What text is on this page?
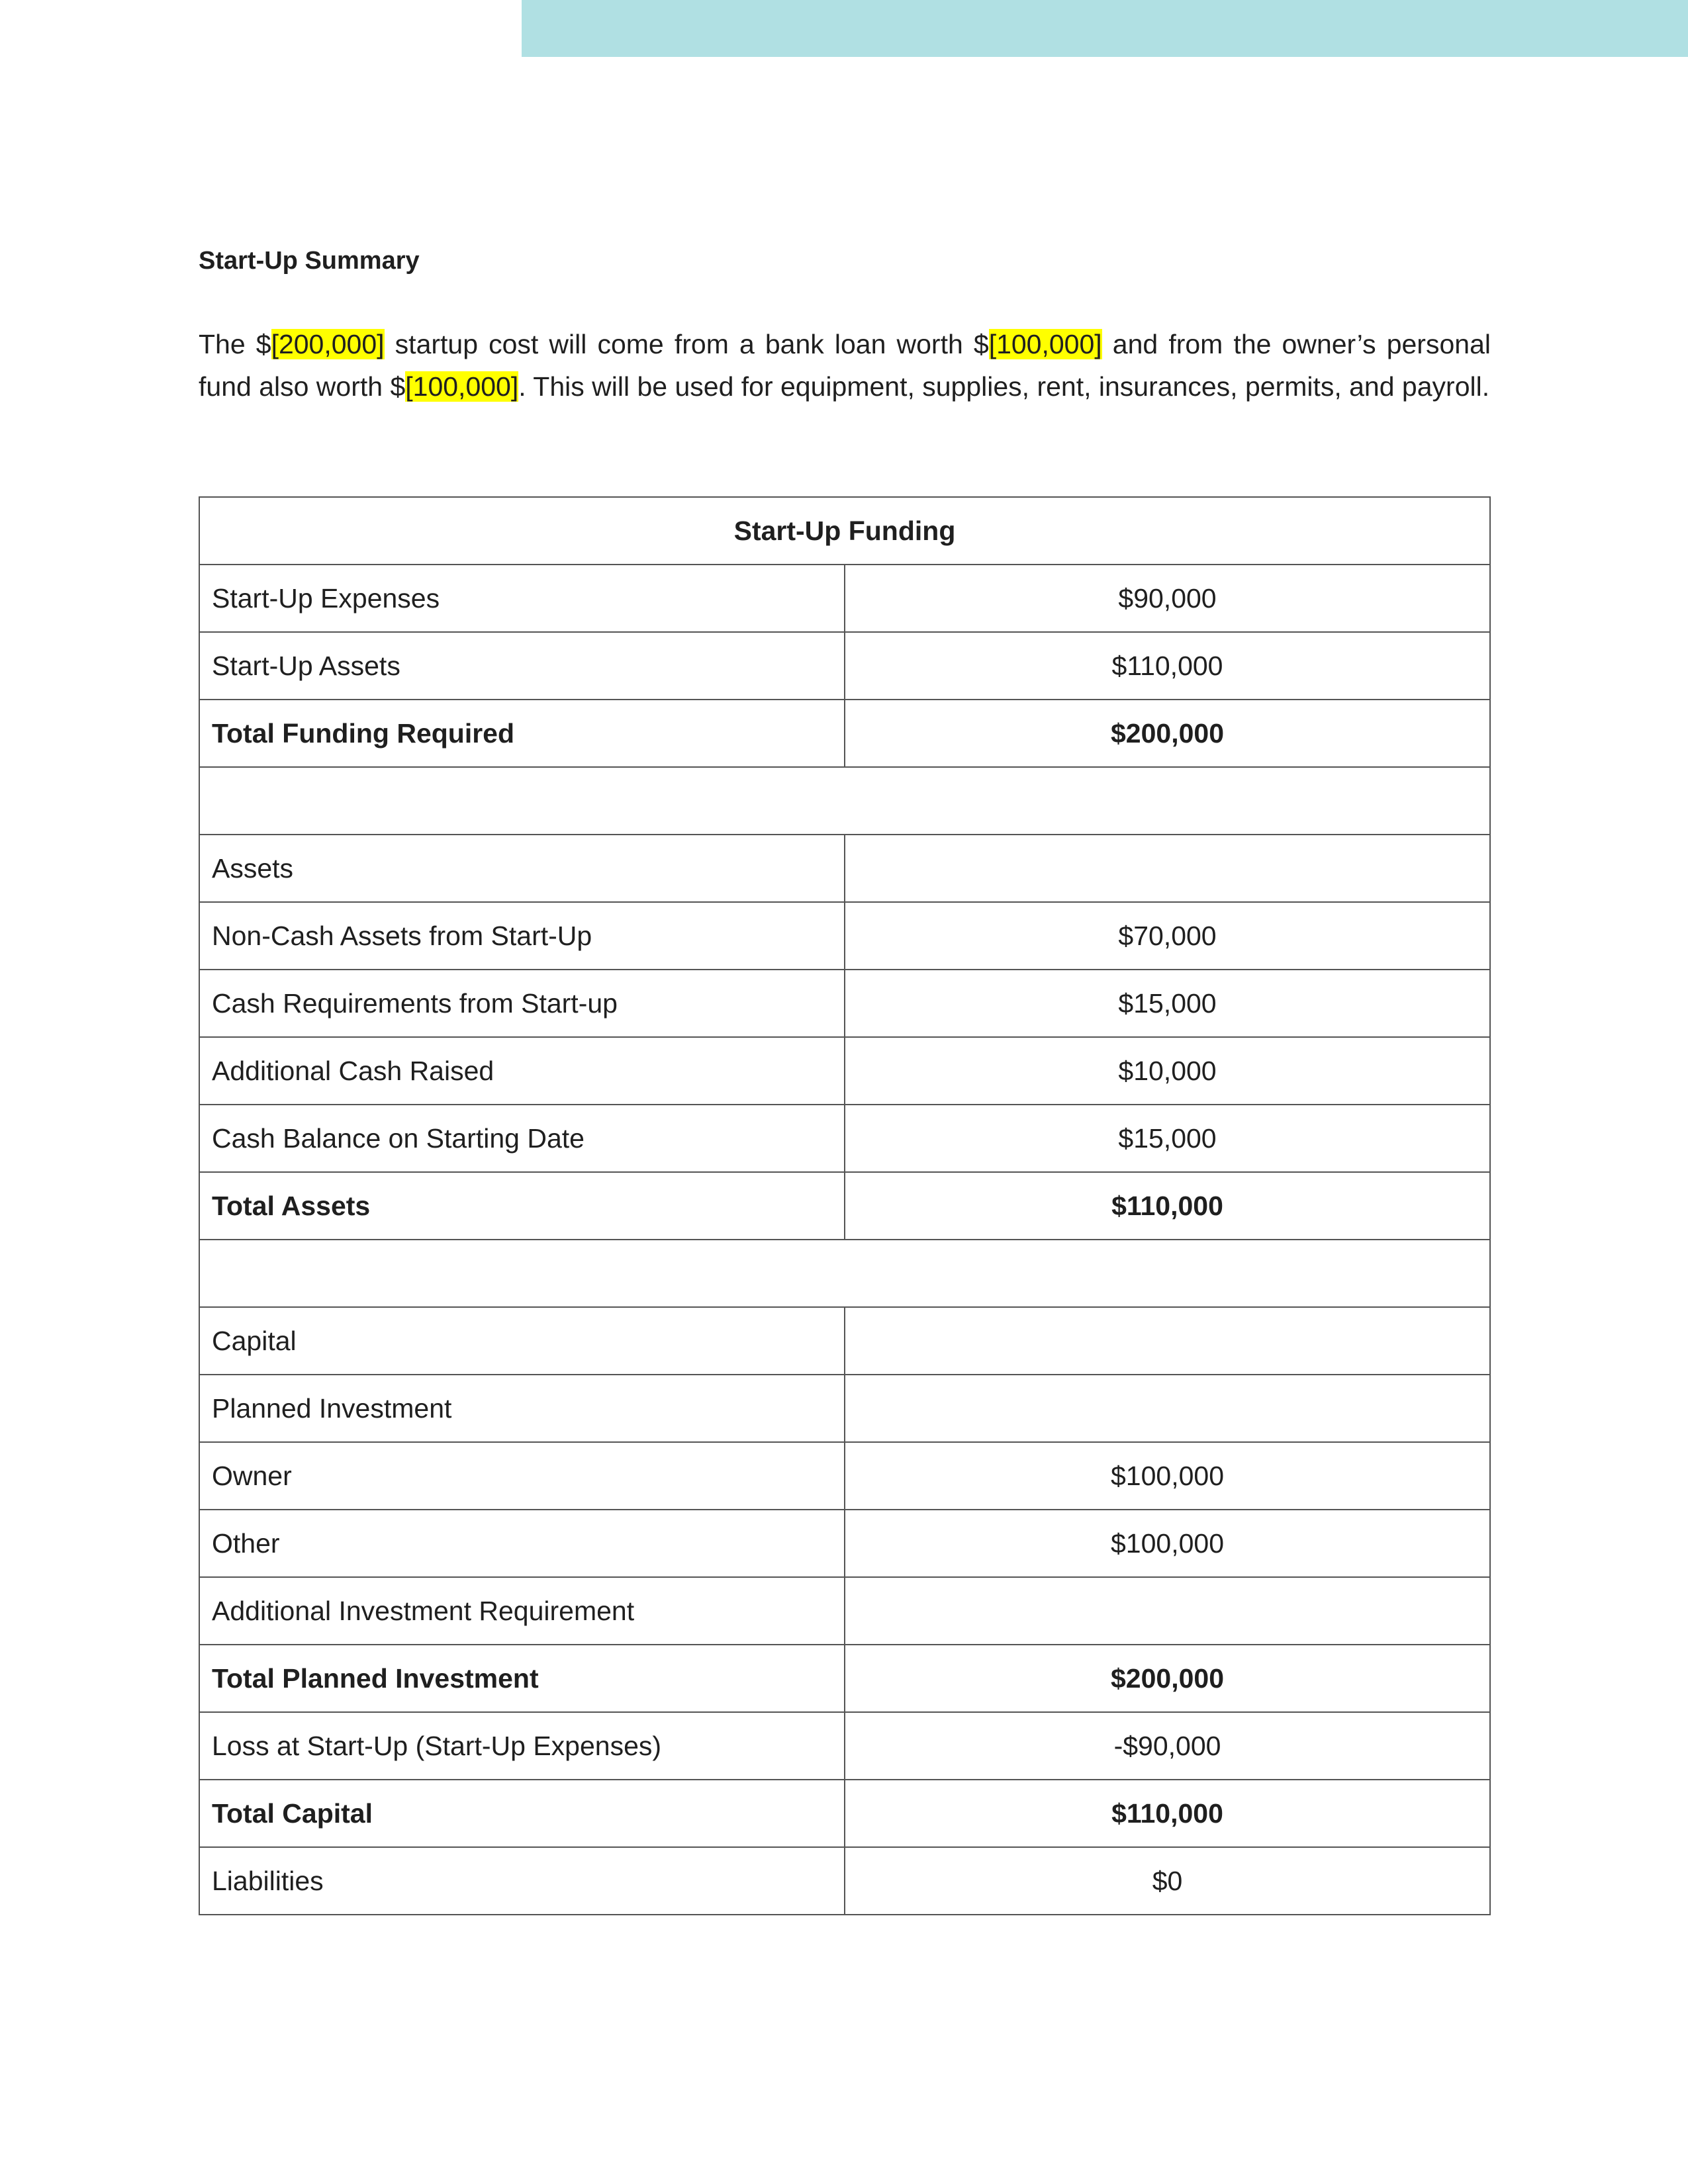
Start-Up Summary

The $[200,000] startup cost will come from a bank loan worth $[100,000] and from the owner’s personal fund also worth $[100,000]. This will be used for equipment, supplies, rent, insurances, permits, and payroll.

Start-Up Funding	
Start-Up Expenses	$90,000
Start-Up Assets	$110,000
Total Funding Required	$200,000

Assets	
Non-Cash Assets from Start-Up	$70,000
Cash Requirements from Start-up	$15,000
Additional Cash Raised	$10,000
Cash Balance on Starting Date	$15,000
Total Assets	$110,000

Capital	
Planned Investment	
Owner	$100,000
Other	$100,000
Additional Investment Requirement	
Total Planned Investment	$200,000
Loss at Start-Up (Start-Up Expenses)	-$90,000
Total Capital	$110,000
Liabilities	$0
